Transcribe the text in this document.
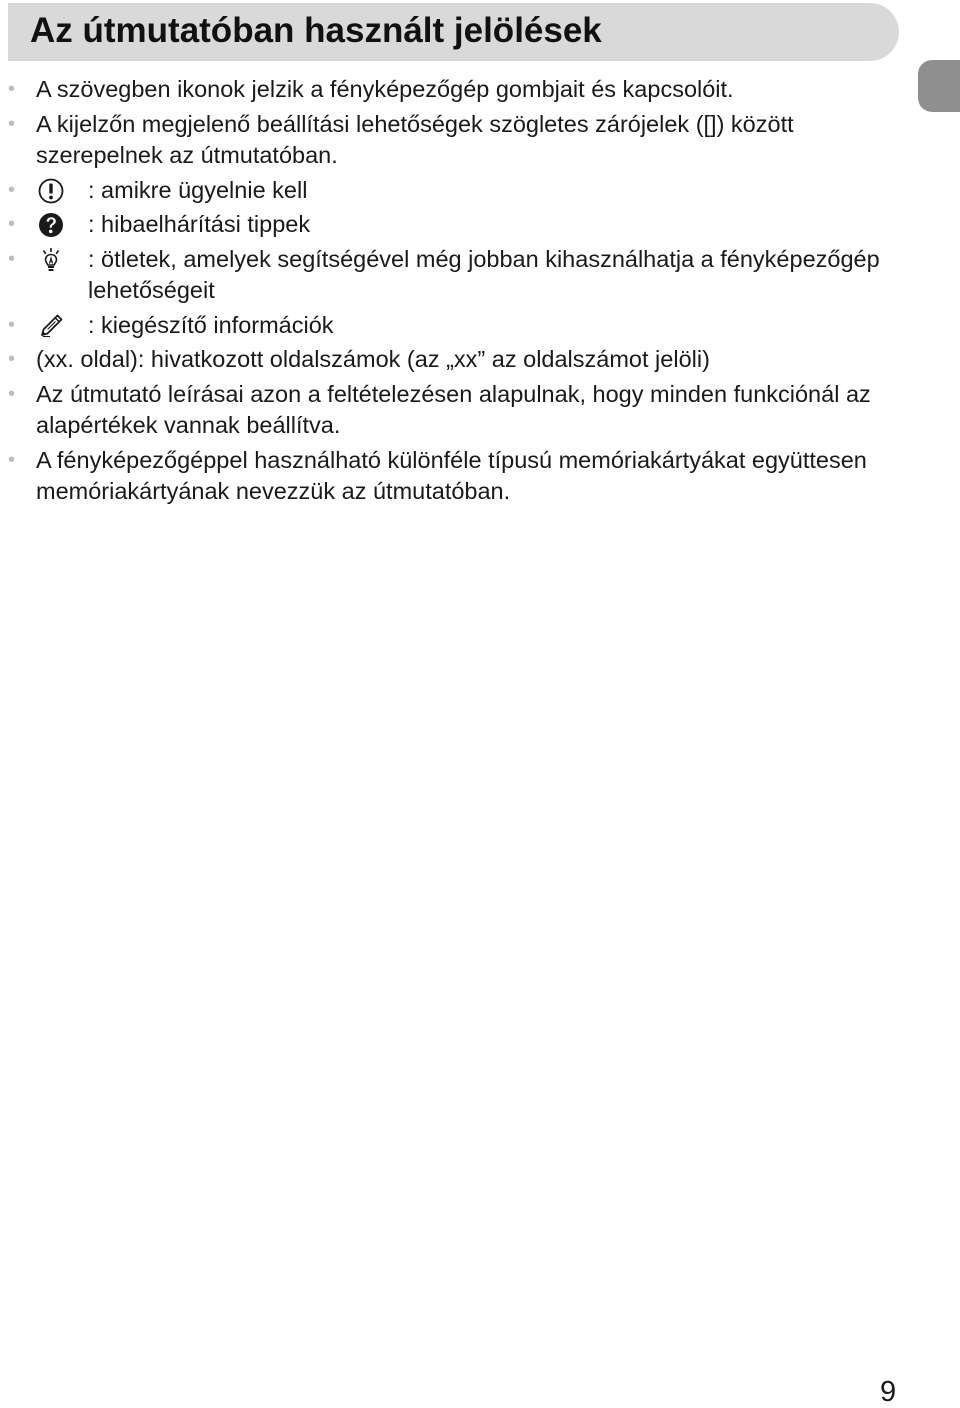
Az útmutatóban használt jelölések
• A szövegben ikonok jelzik a fényképezőgép gombjait és kapcsolóit.
• A kijelzőn megjelenő beállítási lehetőségek szögletes zárójelek ([]) között szerepelnek az útmutatóban.
•	: amikre ügyelnie kell
•	: hibaelhárítási tippek
•	: ötletek, amelyek segítségével még jobban kihasználhatja a fényképezőgép lehetőségeit
•	: kiegészítő információk
• (xx. oldal): hivatkozott oldalszámok (az „xx” az oldalszámot jelöli)
• Az útmutató leírásai azon a feltételezésen alapulnak, hogy minden funkciónál az alapértékek vannak beállítva.
• A fényképezőgéppel használható különféle típusú memóriakártyákat együttesen memóriakártyának nevezzük az útmutatóban.
9
